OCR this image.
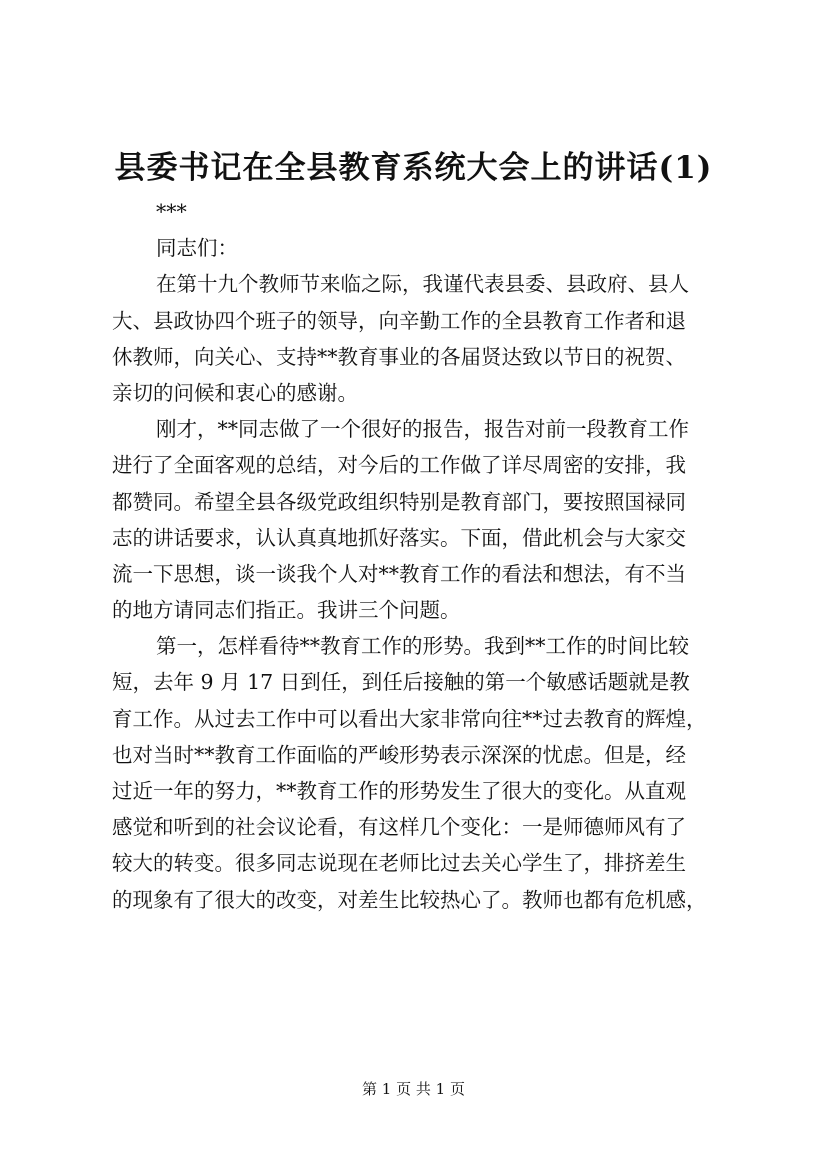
县委书记在全县教育系统大会上的讲话(1)
***
同志们：
在第十九个教师节来临之际，我谨代表县委、县政府、县人
大、县政协四个班子的领导，向辛勤工作的全县教育工作者和退
休教师，向关心、支持**教育事业的各届贤达致以节日的祝贺、
亲切的问候和衷心的感谢。
刚才，**同志做了一个很好的报告，报告对前一段教育工作
进行了全面客观的总结，对今后的工作做了详尽周密的安排，我
都赞同。希望全县各级党政组织特别是教育部门，要按照国禄同
志的讲话要求，认认真真地抓好落实。下面，借此机会与大家交
流一下思想，谈一谈我个人对**教育工作的看法和想法，有不当
的地方请同志们指正。我讲三个问题。
第一，怎样看待**教育工作的形势。我到**工作的时间比较
短，去年 9 月 17 日到任，到任后接触的第一个敏感话题就是教
育工作。从过去工作中可以看出大家非常向往**过去教育的辉煌，
也对当时**教育工作面临的严峻形势表示深深的忧虑。但是，经
过近一年的努力，**教育工作的形势发生了很大的变化。从直观
感觉和听到的社会议论看，有这样几个变化：一是师德师风有了
较大的转变。很多同志说现在老师比过去关心学生了，排挤差生
的现象有了很大的改变，对差生比较热心了。教师也都有危机感，
第 1 页 共 1 页
